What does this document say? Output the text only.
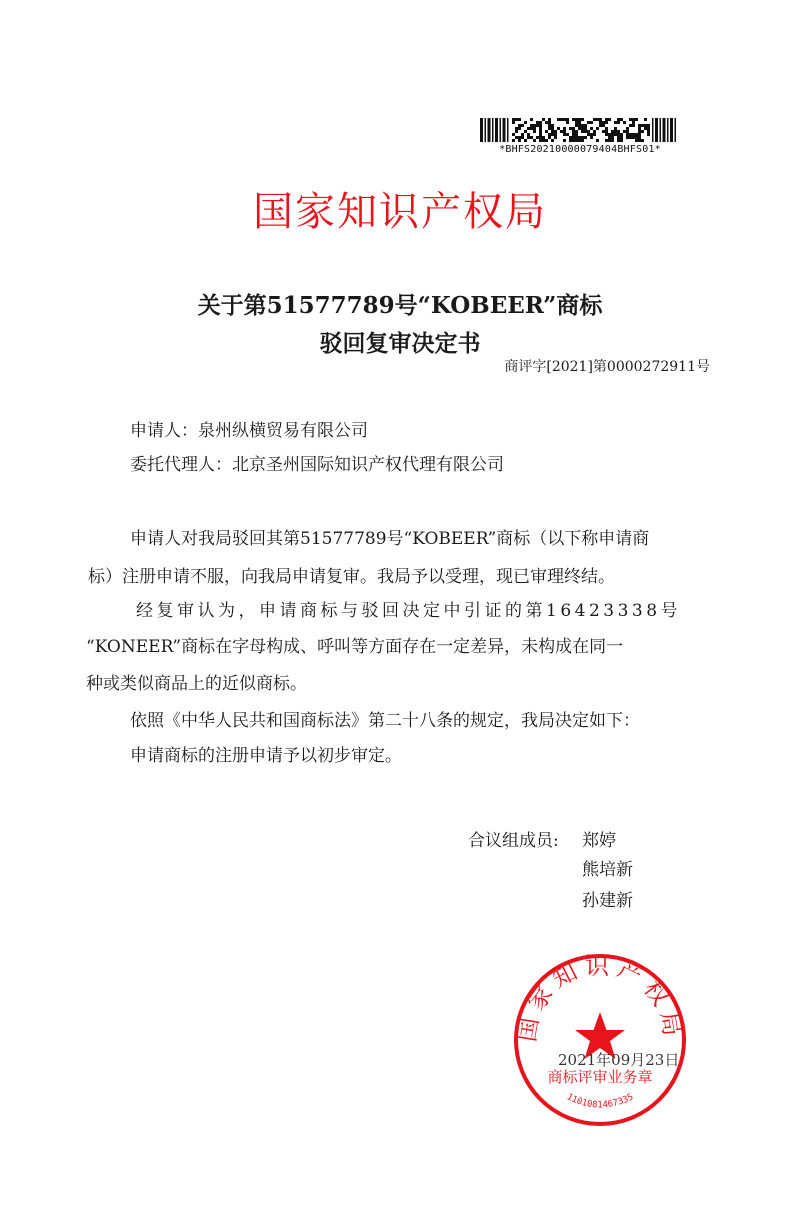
*BHFS20210000079404BHFS01*
国家知识产权局
关于第51577789号“KOBEER”商标
驳回复审决定书
商评字[2021]第0000272911号
申请人：泉州纵横贸易有限公司
委托代理人：北京圣州国际知识产权代理有限公司
申请人对我局驳回其第51577789号“KOBEER”商标（以下称申请商
标）注册申请不服，向我局申请复审。我局予以受理，现已审理终结。
经复审认为，申请商标与驳回决定中引证的第16423338号
“KONEER”商标在字母构成、呼叫等方面存在一定差异，未构成在同一
种或类似商品上的近似商标。
依照《中华人民共和国商标法》第二十八条的规定，我局决定如下：
申请商标的注册申请予以初步审定。
合议组成员: 郑婷
熊培新
孙建新
国家知识产权局
商标评审业务章
1101081467335
2021年09月23日
